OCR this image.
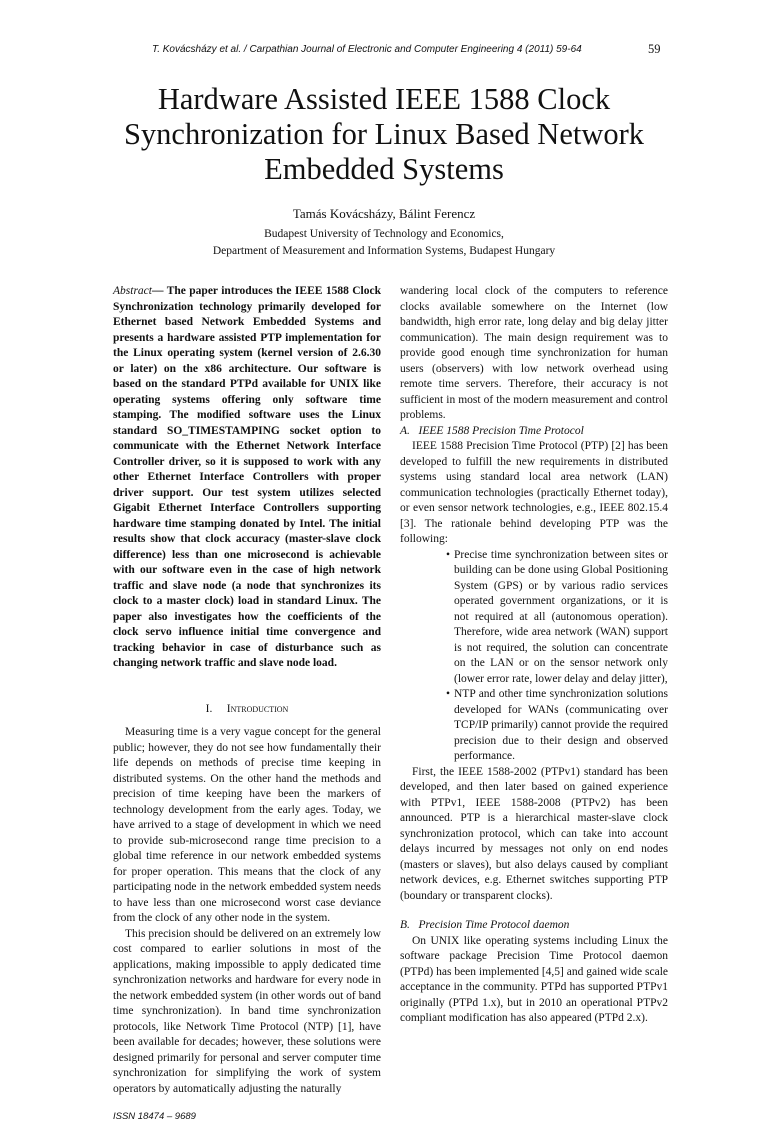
T. Kovácsházy et al. / Carpathian Journal of Electronic and Computer Engineering 4 (2011) 59-64	59
Hardware Assisted IEEE 1588 Clock
Synchronization for Linux Based Network
Embedded Systems
Tamás Kovácsházy, Bálint Ferencz
Budapest University of Technology and Economics,
Department of Measurement and Information Systems, Budapest Hungary

Abstract— The paper introduces the IEEE 1588 Clock Synchronization technology primarily developed for Ethernet based Network Embedded Systems and presents a hardware assisted PTP implementation for the Linux operating system (kernel version of 2.6.30 or later) on the x86 architecture. Our software is based on the standard PTPd available for UNIX like operating systems offering only software time stamping. The modified software uses the Linux standard SO_TIMESTAMPING socket option to communicate with the Ethernet Network Interface Controller driver, so it is supposed to work with any other Ethernet Interface Controllers with proper driver support. Our test system utilizes selected Gigabit Ethernet Interface Controllers supporting hardware time stamping donated by Intel. The initial results show that clock accuracy (master-slave clock difference) less than one microsecond is achievable with our software even in the case of high network traffic and slave node (a node that synchronizes its clock to a master clock) load in standard Linux. The paper also investigates how the coefficients of the clock servo influence initial time convergence and tracking behavior in case of disturbance such as changing network traffic and slave node load.

I. Introduction

Measuring time is a very vague concept for the general public; however, they do not see how fundamentally their life depends on methods of precise time keeping in distributed systems. On the other hand the methods and precision of time keeping have been the markers of technology development from the early ages. Today, we have arrived to a stage of development in which we need to provide sub-microsecond range time precision to a global time reference in our network embedded systems for proper operation. This means that the clock of any participating node in the network embedded system needs to have less than one microsecond worst case deviance from the clock of any other node in the system.

This precision should be delivered on an extremely low cost compared to earlier solutions in most of the applications, making impossible to apply dedicated time synchronization networks and hardware for every node in the network embedded system (in other words out of band time synchronization). In band time synchronization protocols, like Network Time Protocol (NTP) [1], have been available for decades; however, these solutions were designed primarily for personal and server computer time synchronization for simplifying the work of system operators by automatically adjusting the naturally

ISSN 18474 – 9689

wandering local clock of the computers to reference clocks available somewhere on the Internet (low bandwidth, high error rate, long delay and big delay jitter communication). The main design requirement was to provide good enough time synchronization for human users (observers) with low network overhead using remote time servers. Therefore, their accuracy is not sufficient in most of the modern measurement and control problems.

A. IEEE 1588 Precision Time Protocol

IEEE 1588 Precision Time Protocol (PTP) [2] has been developed to fulfill the new requirements in distributed systems using standard local area network (LAN) communication technologies (practically Ethernet today), or even sensor network technologies, e.g., IEEE 802.15.4 [3]. The rationale behind developing PTP was the following:

• Precise time synchronization between sites or building can be done using Global Positioning System (GPS) or by various radio services operated government organizations, or it is not required at all (autonomous operation). Therefore, wide area network (WAN) support is not required, the solution can concentrate on the LAN or on the sensor network only (lower error rate, lower delay and delay jitter),
• NTP and other time synchronization solutions developed for WANs (communicating over TCP/IP primarily) cannot provide the required precision due to their design and observed performance.

First, the IEEE 1588-2002 (PTPv1) standard has been developed, and then later based on gained experience with PTPv1, IEEE 1588-2008 (PTPv2) has been announced. PTP is a hierarchical master-slave clock synchronization protocol, which can take into account delays incurred by messages not only on end nodes (masters or slaves), but also delays caused by compliant network devices, e.g. Ethernet switches supporting PTP (boundary or transparent clocks).

B. Precision Time Protocol daemon

On UNIX like operating systems including Linux the software package Precision Time Protocol daemon (PTPd) has been implemented [4,5] and gained wide scale acceptance in the community. PTPd has supported PTPv1 originally (PTPd 1.x), but in 2010 an operational PTPv2 compliant modification has also appeared (PTPd 2.x).
